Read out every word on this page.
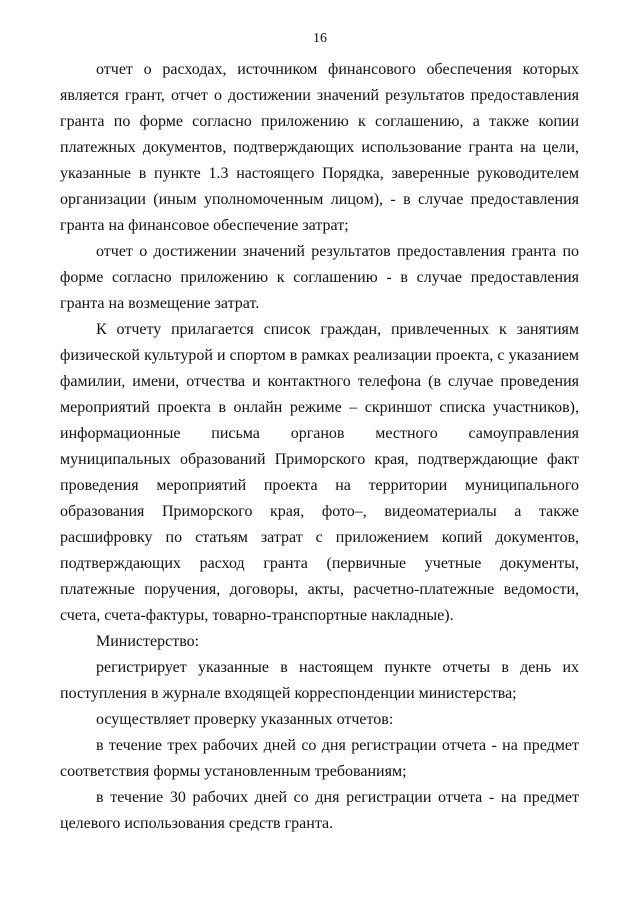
16

отчет о расходах, источником финансового обеспечения которых является грант, отчет о достижении значений результатов предоставления гранта по форме согласно приложению к соглашению, а также копии платежных документов, подтверждающих использование гранта на цели, указанные в пункте 1.3 настоящего Порядка, заверенные руководителем организации (иным уполномоченным лицом), - в случае предоставления гранта на финансовое обеспечение затрат;

отчет о достижении значений результатов предоставления гранта по форме согласно приложению к соглашению - в случае предоставления гранта на возмещение затрат.

К отчету прилагается список граждан, привлеченных к занятиям физической культурой и спортом в рамках реализации проекта, с указанием фамилии, имени, отчества и контактного телефона (в случае проведения мероприятий проекта в онлайн режиме – скриншот списка участников), информационные письма органов местного самоуправления муниципальных образований Приморского края, подтверждающие факт проведения мероприятий проекта на территории муниципального образования Приморского края, фото–, видеоматериалы а также расшифровку по статьям затрат с приложением копий документов, подтверждающих расход гранта (первичные учетные документы, платежные поручения, договоры, акты, расчетно-платежные ведомости, счета, счета-фактуры, товарно-транспортные накладные).

Министерство:

регистрирует указанные в настоящем пункте отчеты в день их поступления в журнале входящей корреспонденции министерства;

осуществляет проверку указанных отчетов:

в течение трех рабочих дней со дня регистрации отчета - на предмет соответствия формы установленным требованиям;

в течение 30 рабочих дней со дня регистрации отчета - на предмет целевого использования средств гранта.
